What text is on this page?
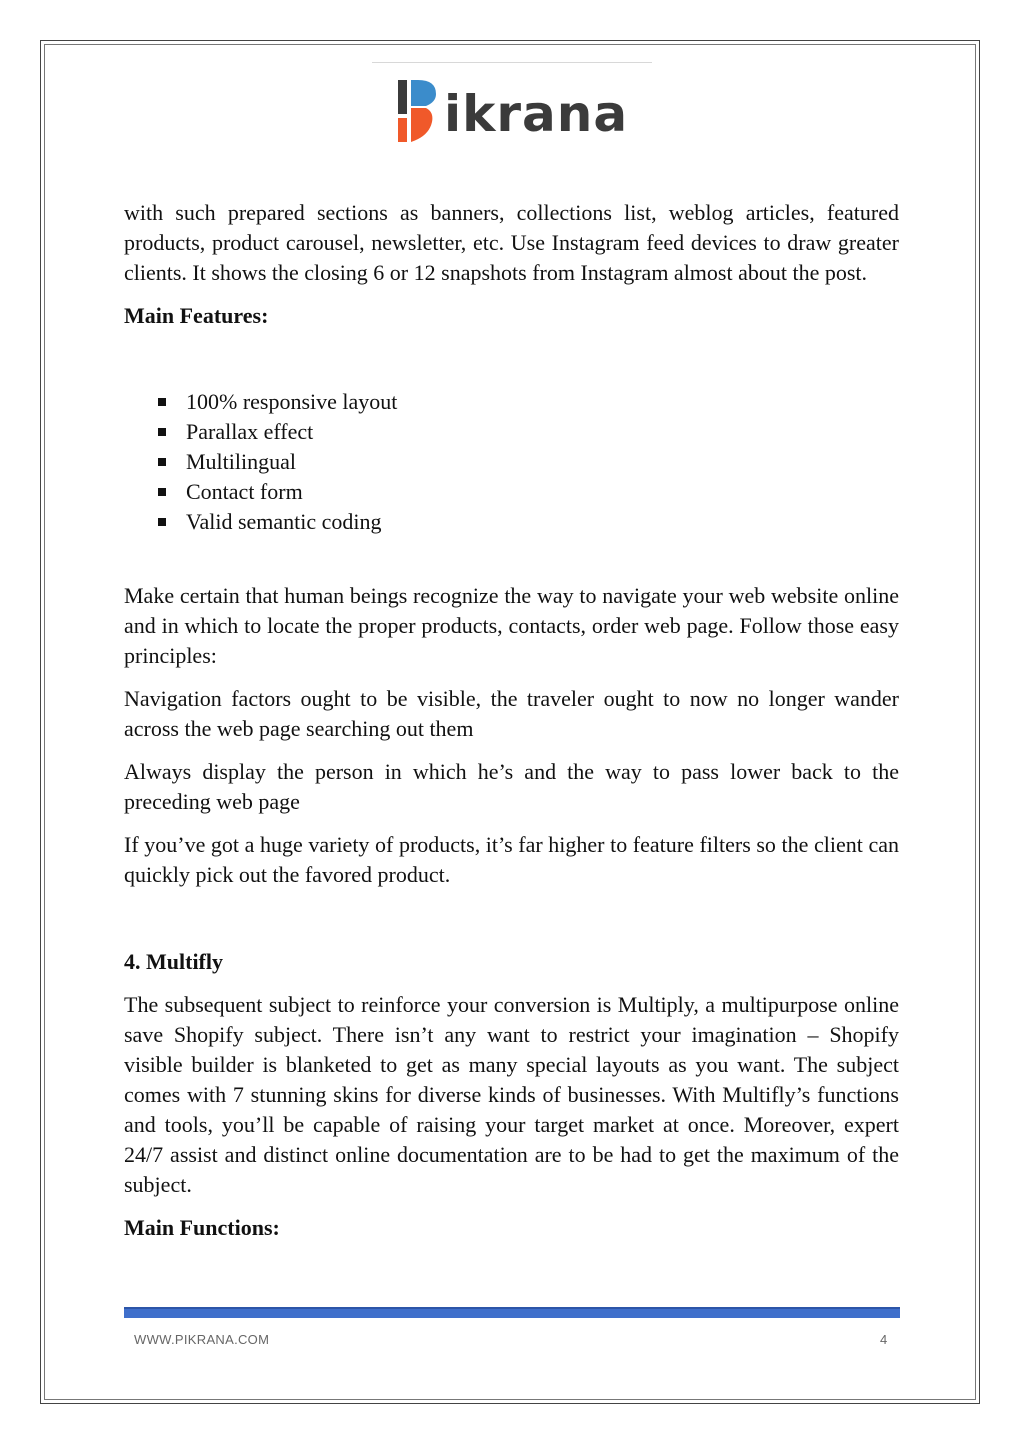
ikrana

with such prepared sections as banners, collections list, weblog articles, featured products, product carousel, newsletter, etc. Use Instagram feed devices to draw greater clients. It shows the closing 6 or 12 snapshots from Instagram almost about the post.

Main Features:
100% responsive layout
Parallax effect
Multilingual
Contact form
Valid semantic coding

Make certain that human beings recognize the way to navigate your web website online and in which to locate the proper products, contacts, order web page. Follow those easy principles:

Navigation factors ought to be visible, the traveler ought to now no longer wander across the web page searching out them

Always display the person in which he’s and the way to pass lower back to the preceding web page

If you’ve got a huge variety of products, it’s far higher to feature filters so the client can quickly pick out the favored product.

4. Multifly

The subsequent subject to reinforce your conversion is Multiply, a multipurpose online save Shopify subject. There isn’t any want to restrict your imagination – Shopify visible builder is blanketed to get as many special layouts as you want. The subject comes with 7 stunning skins for diverse kinds of businesses. With Multifly’s functions and tools, you’ll be capable of raising your target market at once. Moreover, expert 24/7 assist and distinct online documentation are to be had to get the maximum of the subject.

Main Functions:
WWW.PIKRANA.COM	4
